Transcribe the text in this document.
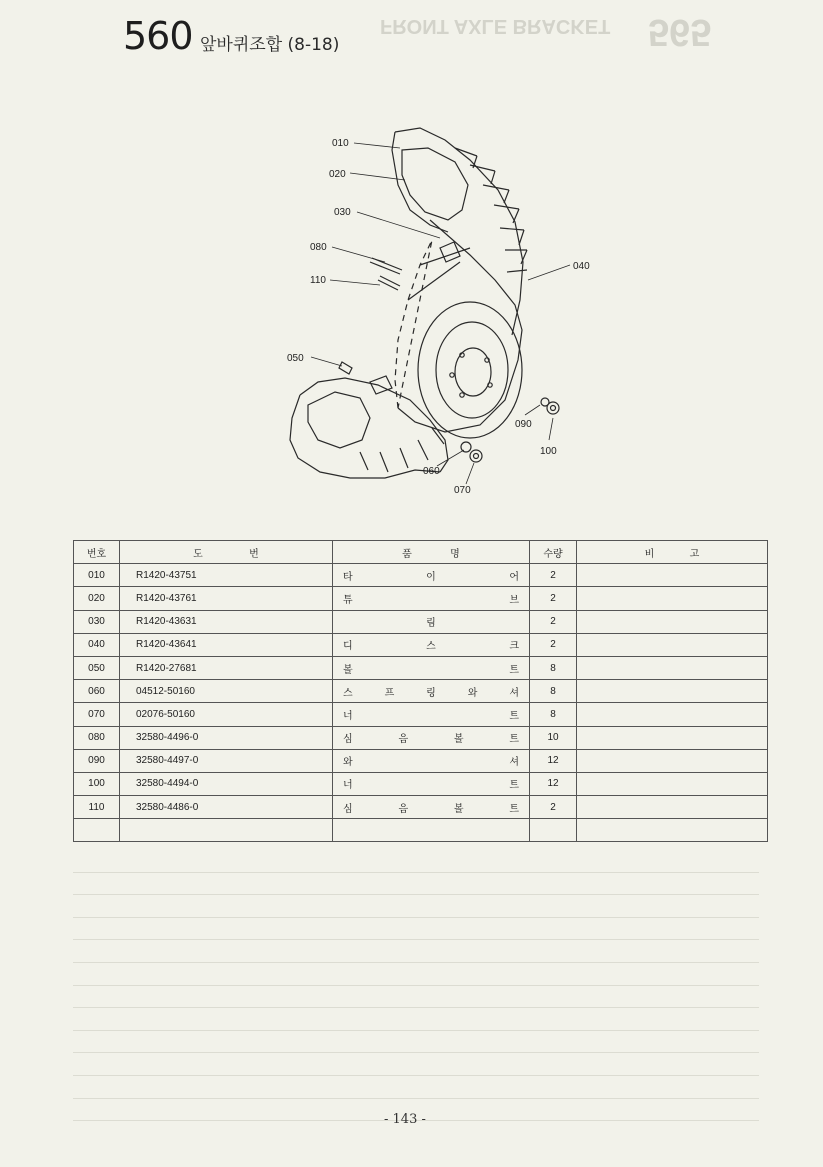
FRONT AXLE BRACKET 565
560 앞바퀴조합 (8-18)
010
020
030
080
110
040
050
090
100
060
070
번호	도 번	품 명	수량	비 고

010	R1420-43751	타 이 어	2	
020	R1420-43761	튜 브	2	
030	R1420-43631	림	2	
040	R1420-43641	디 스 크	2	
050	R1420-27681	볼 트	8	
060	04512-50160	스 프 링 와 셔	8	
070	02076-50160	너 트	8	
080	32580-4496-0	심 음 볼 트	10	
090	32580-4497-0	와 셔	12	
100	32580-4494-0	너 트	12	
110	32580-4486-0	심 음 볼 트	2	

- 143 -
